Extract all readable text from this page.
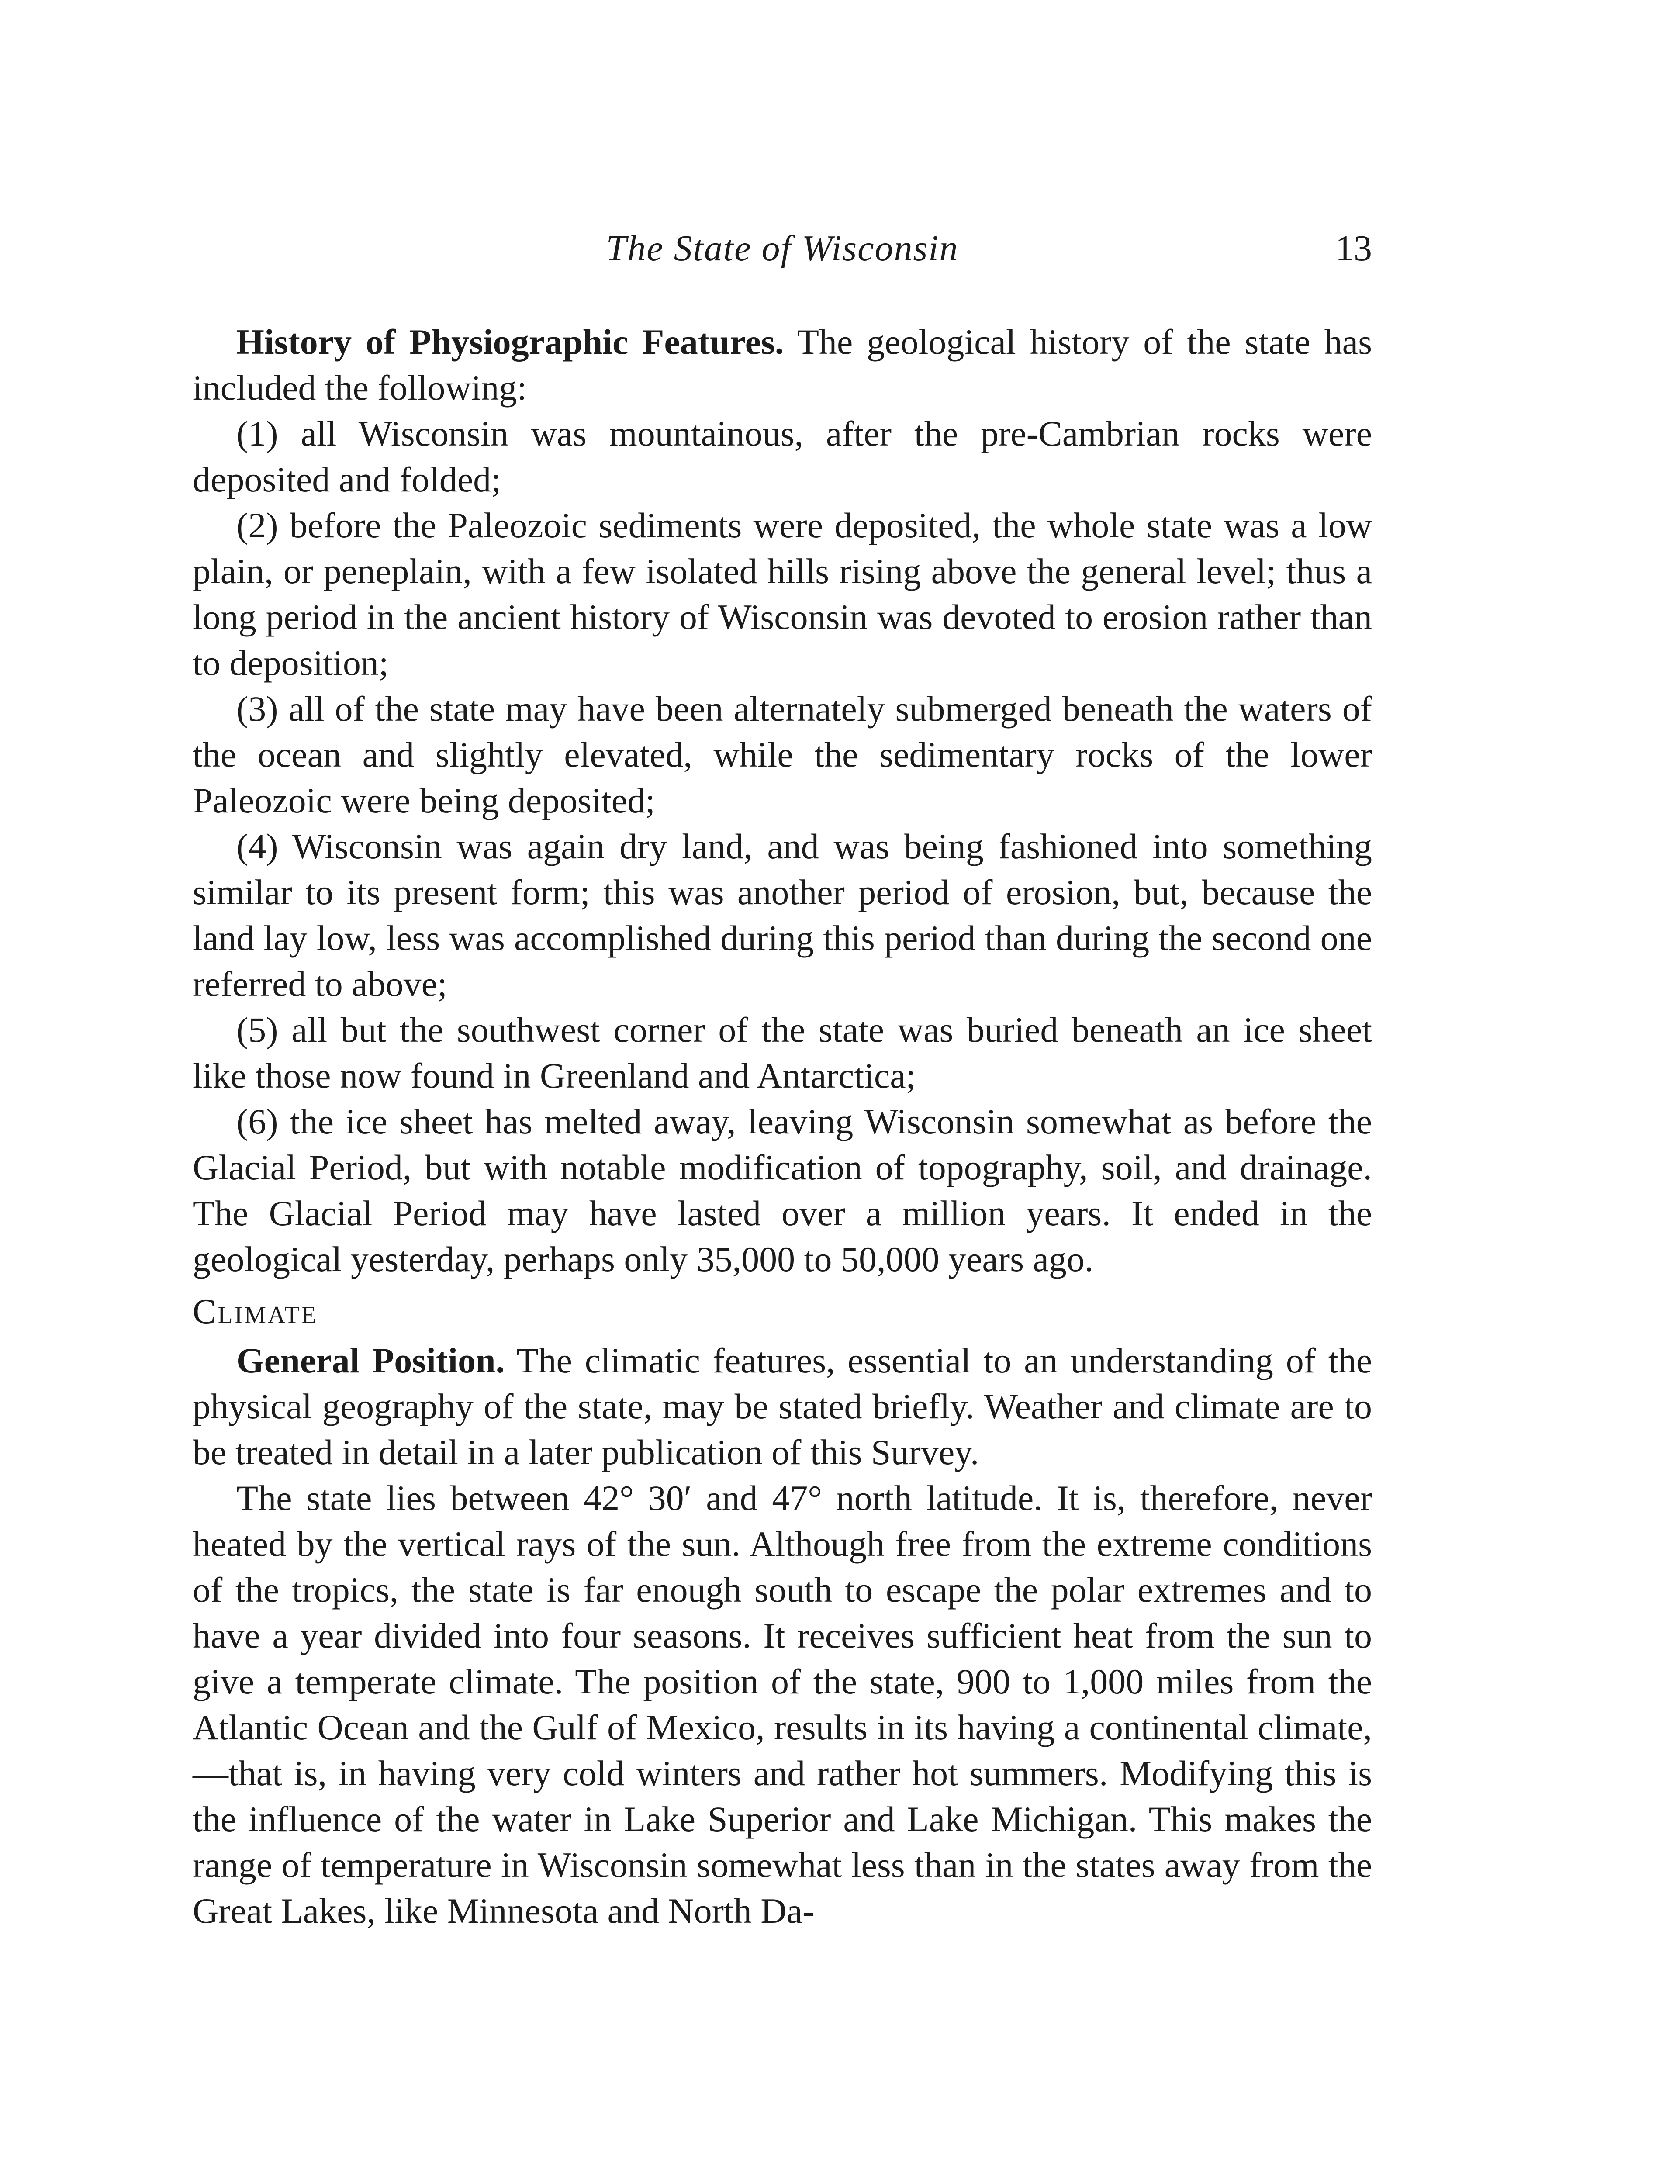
The State of Wisconsin	13

History of Physiographic Features. The geological history of the state has included the following:

(1) all Wisconsin was mountainous, after the pre-Cambrian rocks were deposited and folded;

(2) before the Paleozoic sediments were deposited, the whole state was a low plain, or peneplain, with a few isolated hills rising above the general level; thus a long period in the ancient history of Wisconsin was devoted to erosion rather than to deposition;

(3) all of the state may have been alternately submerged beneath the waters of the ocean and slightly elevated, while the sedimentary rocks of the lower Paleozoic were being deposited;

(4) Wisconsin was again dry land, and was being fashioned into something similar to its present form; this was another period of erosion, but, because the land lay low, less was accomplished during this period than during the second one referred to above;

(5) all but the southwest corner of the state was buried beneath an ice sheet like those now found in Greenland and Antarctica;

(6) the ice sheet has melted away, leaving Wisconsin somewhat as before the Glacial Period, but with notable modification of topography, soil, and drainage. The Glacial Period may have lasted over a million years. It ended in the geological yesterday, perhaps only 35,000 to 50,000 years ago.

Climate

General Position. The climatic features, essential to an understanding of the physical geography of the state, may be stated briefly. Weather and climate are to be treated in detail in a later publication of this Survey.

The state lies between 42° 30′ and 47° north latitude. It is, therefore, never heated by the vertical rays of the sun. Although free from the extreme conditions of the tropics, the state is far enough south to escape the polar extremes and to have a year divided into four seasons. It receives sufficient heat from the sun to give a temperate climate. The position of the state, 900 to 1,000 miles from the Atlantic Ocean and the Gulf of Mexico, results in its having a continental climate,—that is, in having very cold winters and rather hot summers. Modifying this is the influence of the water in Lake Superior and Lake Michigan. This makes the range of temperature in Wisconsin somewhat less than in the states away from the Great Lakes, like Minnesota and North Da-
